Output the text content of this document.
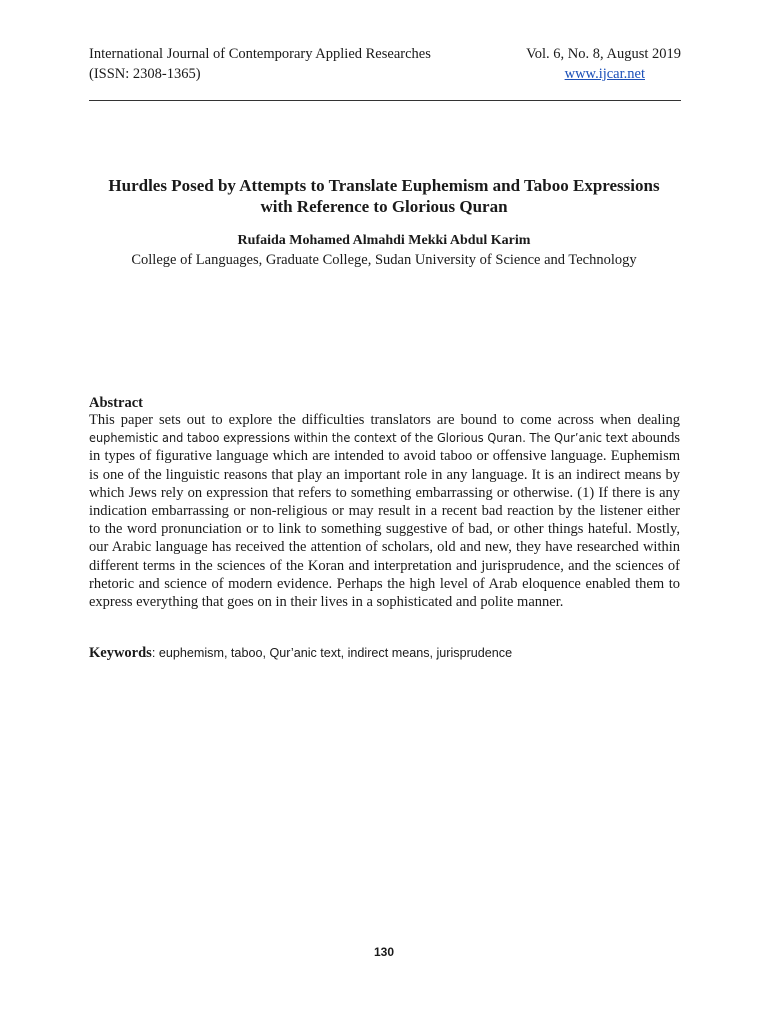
International Journal of Contemporary Applied Researches
(ISSN: 2308-1365)
Vol. 6, No. 8, August 2019
www.ijcar.net
Hurdles Posed by Attempts to Translate Euphemism and Taboo Expressions
with Reference to Glorious Quran
Rufaida Mohamed Almahdi Mekki Abdul Karim
College of Languages, Graduate College, Sudan University of Science and Technology
Abstract
This paper sets out to explore the difficulties translators are bound to come across when dealing euphemistic and taboo expressions within the context of the Glorious Quran. The Qur’anic text abounds in types of figurative language which are intended to avoid taboo or offensive language. Euphemism is one of the linguistic reasons that play an important role in any language. It is an indirect means by which Jews rely on expression that refers to something embarrassing or otherwise. (1) If there is any indication embarrassing or non-religious or may result in a recent bad reaction by the listener either to the word pronunciation or to link to something suggestive of bad, or other things hateful. Mostly, our Arabic language has received the attention of scholars, old and new, they have researched within different terms in the sciences of the Koran and interpretation and jurisprudence, and the sciences of rhetoric and science of modern evidence. Perhaps the high level of Arab eloquence enabled them to express everything that goes on in their lives in a sophisticated and polite manner.
Keywords: euphemism, taboo, Qur’anic text, indirect means, jurisprudence
130
